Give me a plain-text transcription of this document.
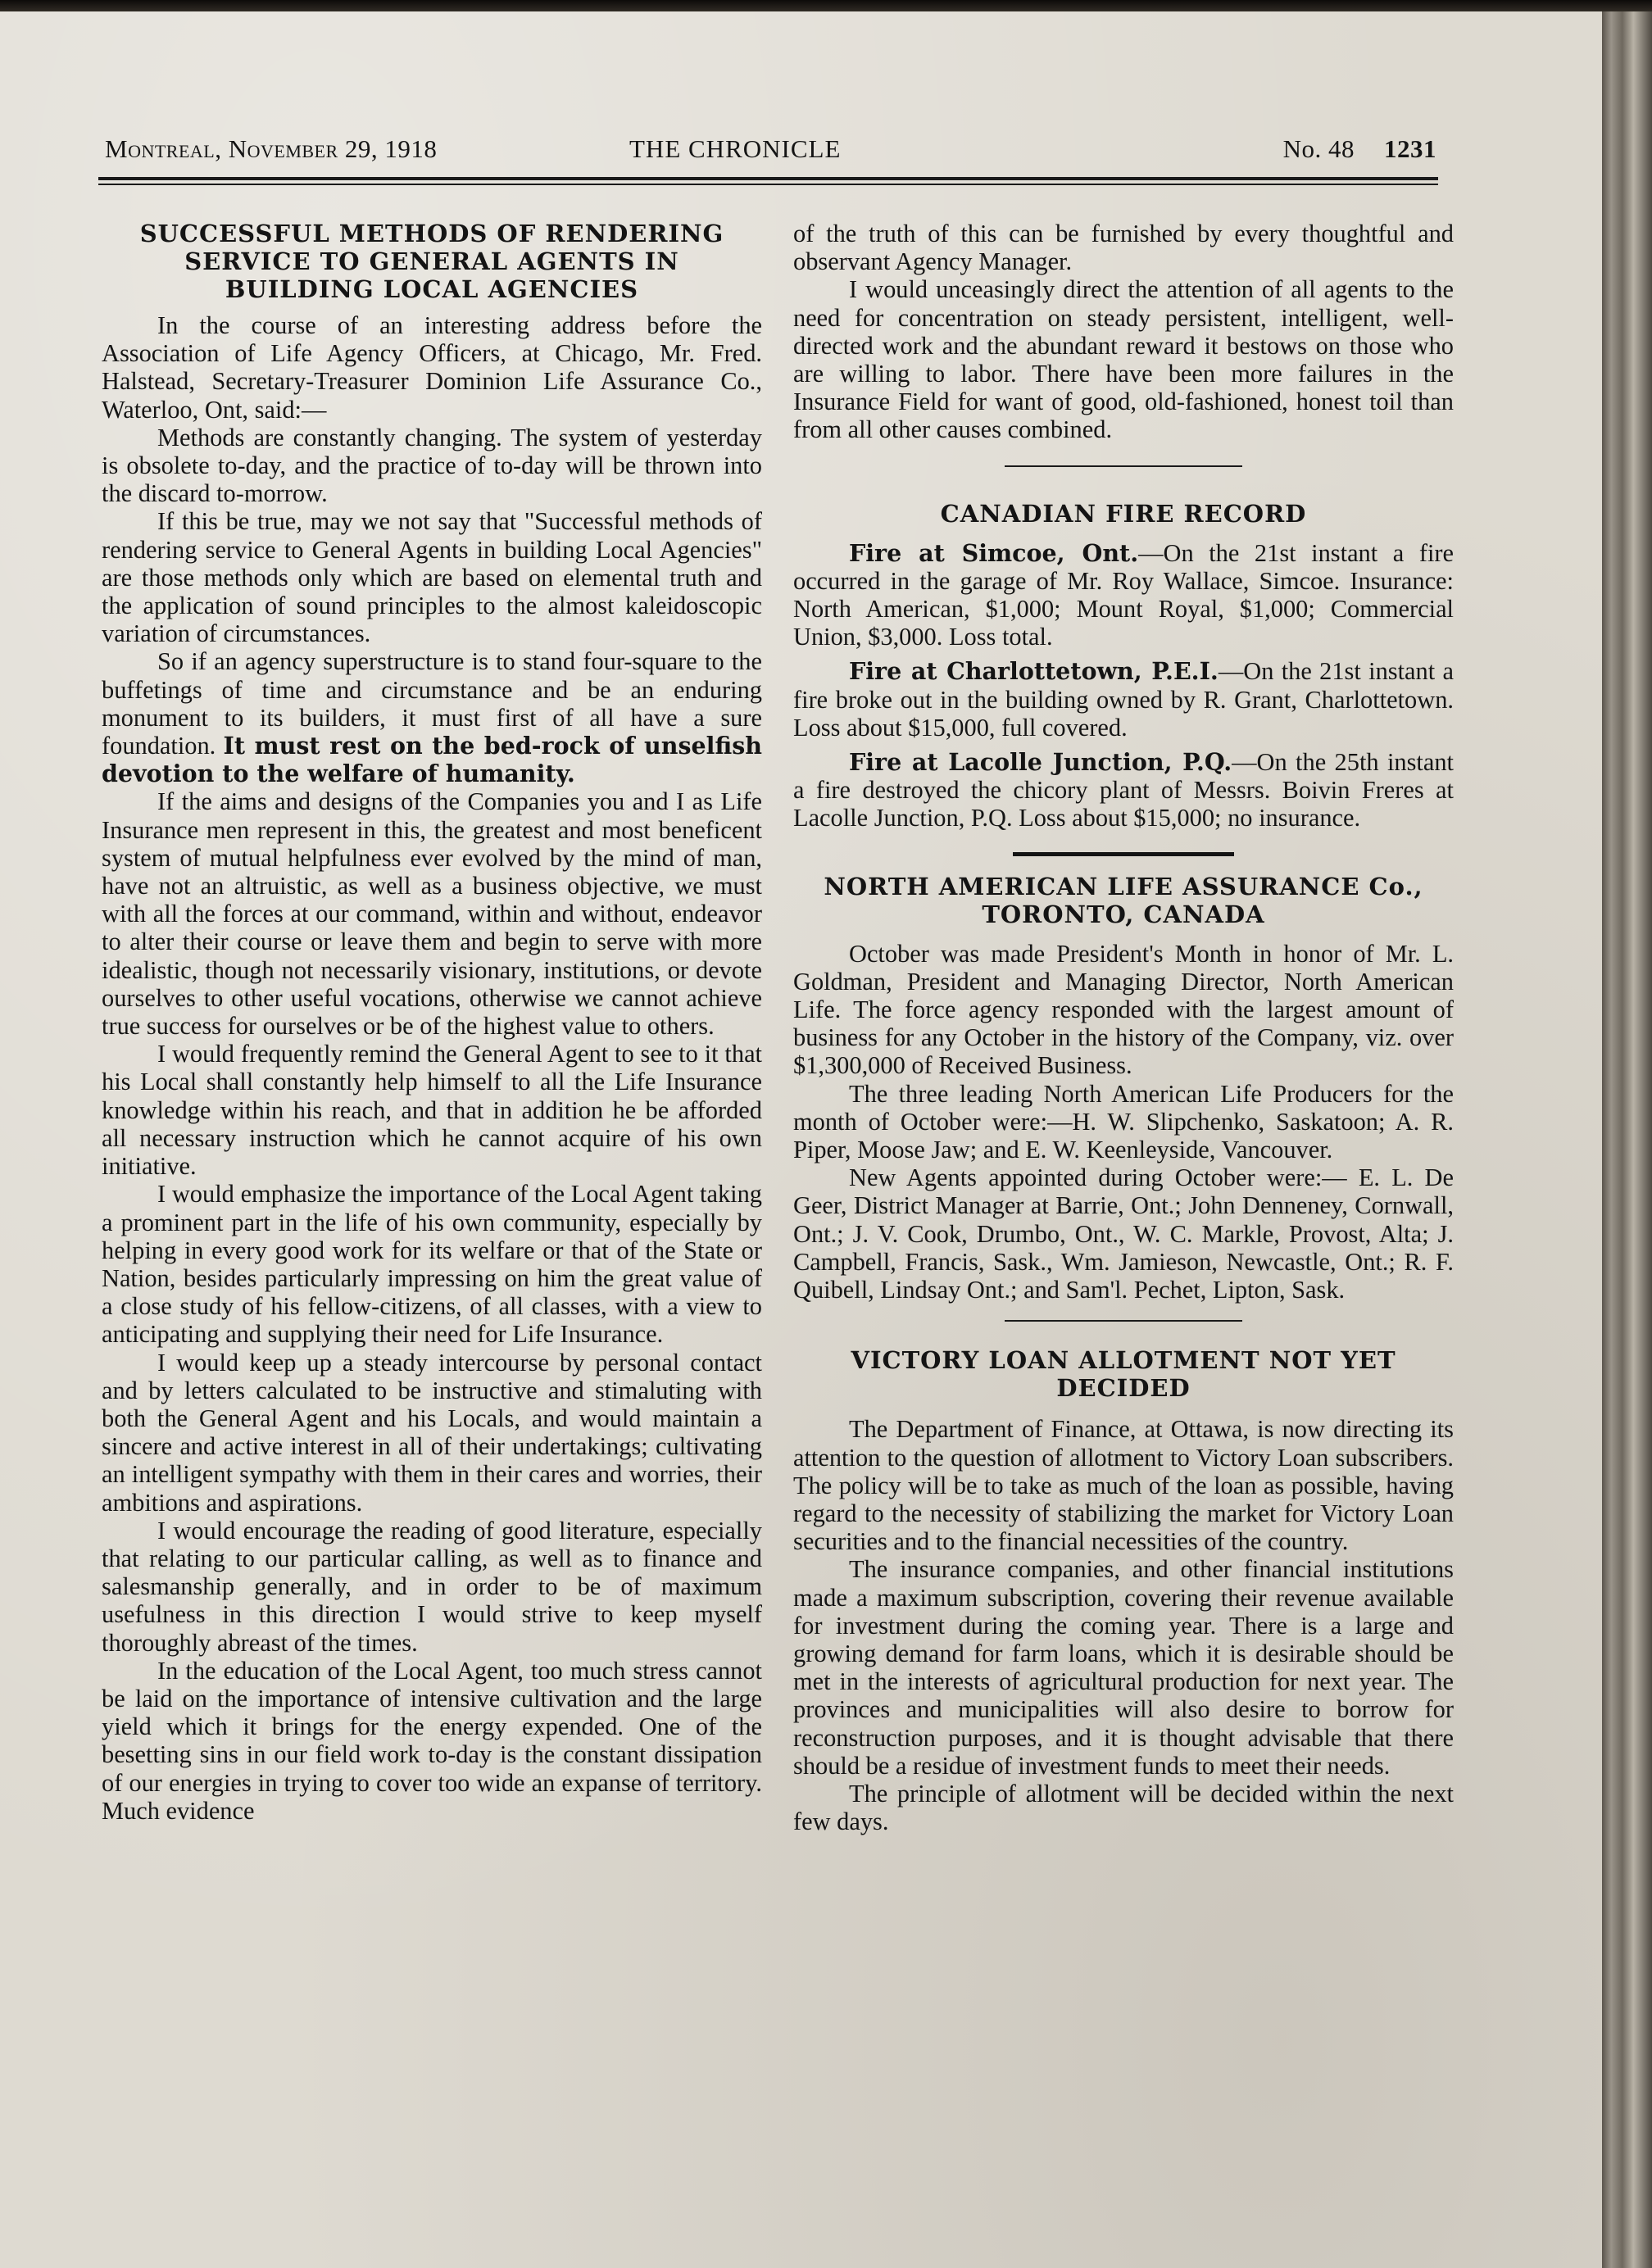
Montreal, November 29, 1918	THE CHRONICLE	No. 48 1231
SUCCESSFUL METHODS OF RENDERING SERVICE TO GENERAL AGENTS IN BUILDING LOCAL AGENCIES

In the course of an interesting address before the Association of Life Agency Officers, at Chicago, Mr. Fred. Halstead, Secretary-Treasurer Dominion Life Assurance Co., Waterloo, Ont, said:—

Methods are constantly changing. The system of yesterday is obsolete to-day, and the practice of to-day will be thrown into the discard to-morrow.

If this be true, may we not say that "Successful methods of rendering service to General Agents in building Local Agencies" are those methods only which are based on elemental truth and the application of sound principles to the almost kaleidoscopic variation of circumstances.

So if an agency superstructure is to stand four-square to the buffetings of time and circumstance and be an enduring monument to its builders, it must first of all have a sure foundation. It must rest on the bed-rock of unselfish devotion to the welfare of humanity.

If the aims and designs of the Companies you and I as Life Insurance men represent in this, the greatest and most beneficent system of mutual helpfulness ever evolved by the mind of man, have not an altruistic, as well as a business objective, we must with all the forces at our command, within and without, endeavor to alter their course or leave them and begin to serve with more idealistic, though not necessarily visionary, institutions, or devote ourselves to other useful vocations, otherwise we cannot achieve true success for ourselves or be of the highest value to others.

I would frequently remind the General Agent to see to it that his Local shall constantly help himself to all the Life Insurance knowledge within his reach, and that in addition he be afforded all necessary instruction which he cannot acquire of his own initiative.

I would emphasize the importance of the Local Agent taking a prominent part in the life of his own community, especially by helping in every good work for its welfare or that of the State or Nation, besides particularly impressing on him the great value of a close study of his fellow-citizens, of all classes, with a view to anticipating and supplying their need for Life Insurance.

I would keep up a steady intercourse by personal contact and by letters calculated to be instructive and stimaluting with both the General Agent and his Locals, and would maintain a sincere and active interest in all of their undertakings; cultivating an intelligent sympathy with them in their cares and worries, their ambitions and aspirations.

I would encourage the reading of good literature, especially that relating to our particular calling, as well as to finance and salesmanship generally, and in order to be of maximum usefulness in this direction I would strive to keep myself thoroughly abreast of the times.

In the education of the Local Agent, too much stress cannot be laid on the importance of intensive cultivation and the large yield which it brings for the energy expended. One of the besetting sins in our field work to-day is the constant dissipation of our energies in trying to cover too wide an expanse of territory. Much evidence

of the truth of this can be furnished by every thoughtful and observant Agency Manager.

I would unceasingly direct the attention of all agents to the need for concentration on steady persistent, intelligent, well-directed work and the abundant reward it bestows on those who are willing to labor. There have been more failures in the Insurance Field for want of good, old-fashioned, honest toil than from all other causes combined.

CANADIAN FIRE RECORD

Fire at Simcoe, Ont.—On the 21st instant a fire occurred in the garage of Mr. Roy Wallace, Simcoe. Insurance: North American, $1,000; Mount Royal, $1,000; Commercial Union, $3,000. Loss total.

Fire at Charlottetown, P.E.I.—On the 21st instant a fire broke out in the building owned by R. Grant, Charlottetown. Loss about $15,000, full covered.

Fire at Lacolle Junction, P.Q.—On the 25th instant a fire destroyed the chicory plant of Messrs. Boivin Freres at Lacolle Junction, P.Q. Loss about $15,000; no insurance.

NORTH AMERICAN LIFE ASSURANCE Co.,
TORONTO, CANADA

October was made President's Month in honor of Mr. L. Goldman, President and Managing Director, North American Life. The force agency responded with the largest amount of business for any October in the history of the Company, viz. over $1,300,000 of Received Business.

The three leading North American Life Producers for the month of October were:—H. W. Slipchenko, Saskatoon; A. R. Piper, Moose Jaw; and E. W. Keenleyside, Vancouver.

New Agents appointed during October were:— E. L. De Geer, District Manager at Barrie, Ont.; John Denneney, Cornwall, Ont.; J. V. Cook, Drumbo, Ont., W. C. Markle, Provost, Alta; J. Campbell, Francis, Sask., Wm. Jamieson, Newcastle, Ont.; R. F. Quibell, Lindsay Ont.; and Sam'l. Pechet, Lipton, Sask.

VICTORY LOAN ALLOTMENT NOT YET
DECIDED

The Department of Finance, at Ottawa, is now directing its attention to the question of allotment to Victory Loan subscribers. The policy will be to take as much of the loan as possible, having regard to the necessity of stabilizing the market for Victory Loan securities and to the financial necessities of the country.

The insurance companies, and other financial institutions made a maximum subscription, covering their revenue available for investment during the coming year. There is a large and growing demand for farm loans, which it is desirable should be met in the interests of agricultural production for next year. The provinces and municipalities will also desire to borrow for reconstruction purposes, and it is thought advisable that there should be a residue of investment funds to meet their needs.

The principle of allotment will be decided within the next few days.
